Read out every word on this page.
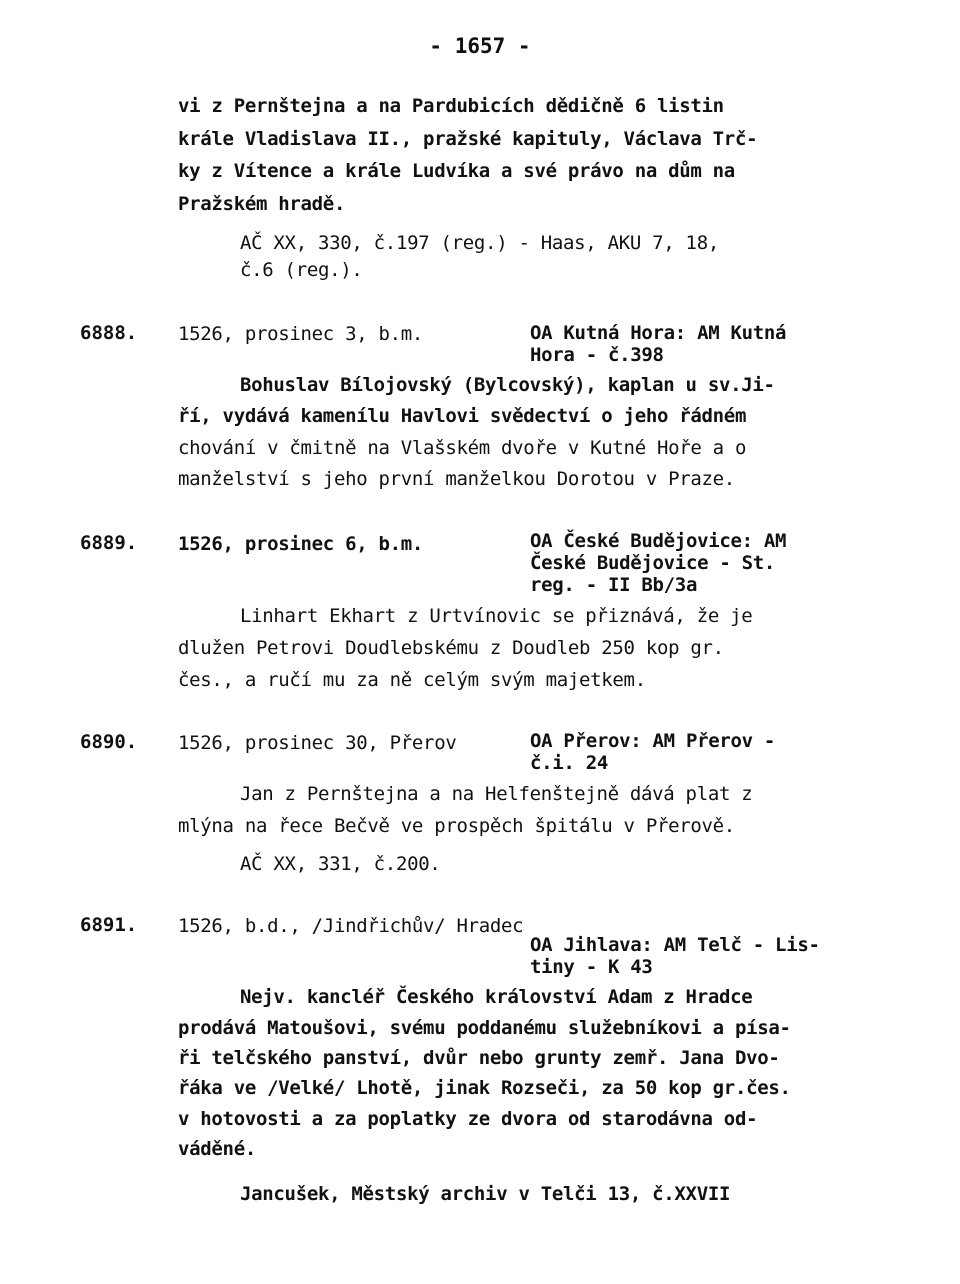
- 1657 -
vi z Pernštejna a na Pardubicích dědičně 6 listin
krále Vladislava II., pražské kapituly, Václava Trč-
ky z Vítence a krále Ludvíka a své právo na dům na
Pražském hradě.
AČ XX, 330, č.197 (reg.) - Haas, AKU 7, 18,
č.6 (reg.).
6888. 1526, prosinec 3, b.m.	OA Kutná Hora: AM Kutná
Hora - č.398
Bohuslav Bílojovský (Bylcovský), kaplan u sv.Ji-
ří, vydává kamenílu Havlovi svědectví o jeho řádném
chování v čmitně na Vlašském dvoře v Kutné Hoře a o
manželství s jeho první manželkou Dorotou v Praze.
6889. 1526, prosinec 6, b.m.	OA České Budějovice: AM
České Budějovice - St.
reg. - II Bb/3a
Linhart Ekhart z Urtvínovic se přiznává, že je
dlužen Petrovi Doudlebskému z Doudleb 250 kop gr.
čes., a ručí mu za ně celým svým majetkem.
6890. 1526, prosinec 30, Přerov	OA Přerov: AM Přerov -
č.i. 24
Jan z Pernštejna a na Helfenštejně dává plat z
mlýna na řece Bečvě ve prospěch špitálu v Přerově.
AČ XX, 331, č.200.
6891. 1526, b.d., /Jindřichův/ Hradec
OA Jihlava: AM Telč - Lis-
tiny - K 43
Nejv. kancléř Českého království Adam z Hradce
prodává Matoušovi, svému poddanému služebníkovi a písa-
ři telčského panství, dvůr nebo grunty zemř. Jana Dvo-
řáka ve /Velké/ Lhotě, jinak Rozseči, za 50 kop gr.čes.
v hotovosti a za poplatky ze dvora od starodávna od-
váděné.
Jancušek, Městský archiv v Telči 13, č.XXVII
